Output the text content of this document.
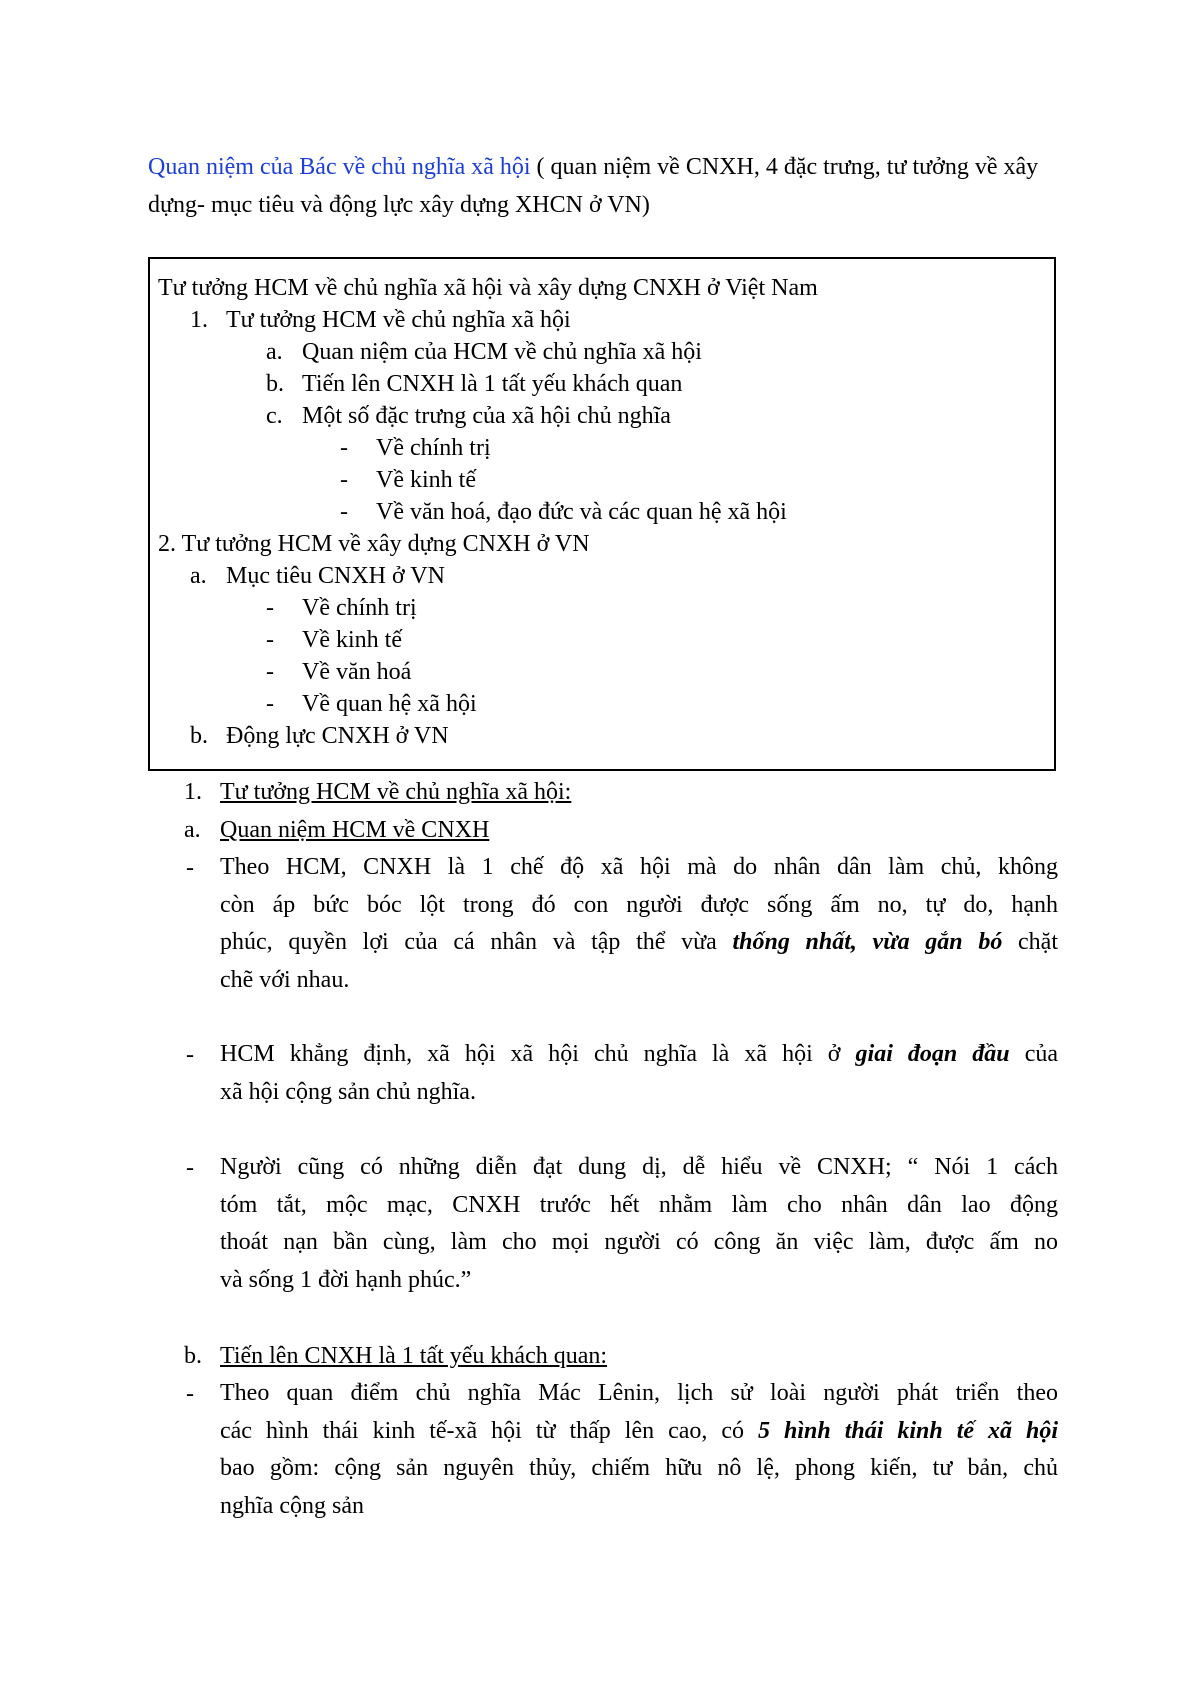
Quan niệm của Bác về chủ nghĩa xã hội ( quan niệm về CNXH, 4 đặc trưng, tư tưởng về xây dựng- mục tiêu và động lực xây dựng XHCN ở VN)
Tư tưởng HCM về chủ nghĩa xã hội và xây dựng CNXH ở Việt Nam
1. Tư tưởng HCM về chủ nghĩa xã hội
a. Quan niệm của HCM về chủ nghĩa xã hội
b. Tiến lên CNXH là 1 tất yếu khách quan
c. Một số đặc trưng của xã hội chủ nghĩa
- Về chính trị
- Về kinh tế
- Về văn hoá, đạo đức và các quan hệ xã hội
2. Tư tưởng HCM về xây dựng CNXH ở VN
a. Mục tiêu CNXH ở VN
- Về chính trị
- Về kinh tế
- Về văn hoá
- Về quan hệ xã hội
b. Động lực CNXH ở VN
1. Tư tưởng HCM về chủ nghĩa xã hội:
a. Quan niệm HCM về CNXH
- Theo HCM, CNXH là 1 chế độ xã hội mà do nhân dân làm chủ, không
còn áp bức bóc lột trong đó con người được sống ấm no, tự do, hạnh
phúc, quyền lợi của cá nhân và tập thể vừa thống nhất, vừa gắn bó chặt
chẽ với nhau.
- HCM khẳng định, xã hội xã hội chủ nghĩa là xã hội ở giai đoạn đầu của
xã hội cộng sản chủ nghĩa.
- Người cũng có những diễn đạt dung dị, dễ hiểu về CNXH; “ Nói 1 cách
tóm tắt, mộc mạc, CNXH trước hết nhằm làm cho nhân dân lao động
thoát nạn bần cùng, làm cho mọi người có công ăn việc làm, được ấm no
và sống 1 đời hạnh phúc.”
b. Tiến lên CNXH là 1 tất yếu khách quan:
- Theo quan điểm chủ nghĩa Mác Lênin, lịch sử loài người phát triển theo
các hình thái kinh tế-xã hội từ thấp lên cao, có 5 hình thái kinh tế xã hội
bao gồm: cộng sản nguyên thủy, chiếm hữu nô lệ, phong kiến, tư bản, chủ
nghĩa cộng sản
